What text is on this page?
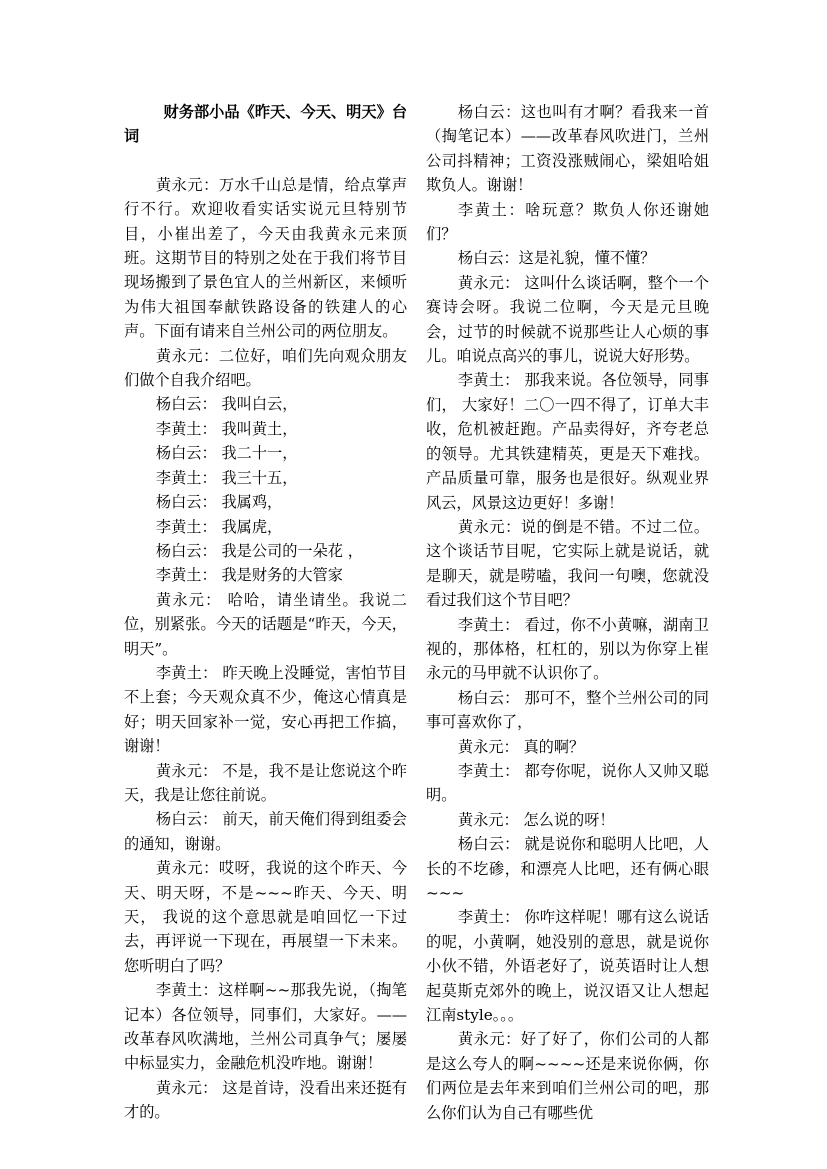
财务部小品《昨天、今天、明天》台词

黄永元：万水千山总是情，给点掌声行不行。欢迎收看实话实说元旦特别节目，小崔出差了，今天由我黄永元来顶班。这期节目的特别之处在于我们将节目现场搬到了景色宜人的兰州新区，来倾听为伟大祖国奉献铁路设备的铁建人的心声。下面有请来自兰州公司的两位朋友。

黄永元：二位好，咱们先向观众朋友们做个自我介绍吧。

杨白云： 我叫白云，

李黄土： 我叫黄土，

杨白云： 我二十一，

李黄土： 我三十五，

杨白云： 我属鸡，

李黄土： 我属虎，

杨白云： 我是公司的一朵花 ，

李黄土： 我是财务的大管家

黄永元： 哈哈，请坐请坐。我说二位，别紧张。今天的话题是“昨天，今天，明天”。

李黄土： 昨天晚上没睡觉，害怕节目不上套；今天观众真不少，俺这心情真是好；明天回家补一觉，安心再把工作搞，谢谢！

黄永元： 不是，我不是让您说这个昨天，我是让您往前说。

杨白云： 前天，前天俺们得到组委会的通知，谢谢。

黄永元：哎呀，我说的这个昨天、今天、明天呀，不是~~~昨天、今天、明天， 我说的这个意思就是咱回忆一下过去，再评说一下现在，再展望一下未来。您听明白了吗？

李黄土：这样啊~~那我先说，（掏笔记本）各位领导，同事们，大家好。——改革春风吹满地，兰州公司真争气；屡屡中标显实力，金融危机没咋地。谢谢！

黄永元： 这是首诗，没看出来还挺有才的。

杨白云：这也叫有才啊？看我来一首（掏笔记本）——改革春风吹进门，兰州公司抖精神；工资没涨贼闹心，梁姐哈姐欺负人。谢谢！

李黄土：啥玩意？欺负人你还谢她们？

杨白云：这是礼貌，懂不懂？

黄永元： 这叫什么谈话啊，整个一个赛诗会呀。我说二位啊，今天是元旦晚会，过节的时候就不说那些让人心烦的事儿。咱说点高兴的事儿，说说大好形势。

李黄土： 那我来说。各位领导，同事们， 大家好！二〇一四不得了，订单大丰收，危机被赶跑。产品卖得好，齐夸老总的领导。尤其铁建精英，更是天下难找。产品质量可靠，服务也是很好。纵观业界风云，风景这边更好！多谢！

黄永元：说的倒是不错。不过二位。这个谈话节目呢，它实际上就是说话，就是聊天，就是唠嗑，我问一句噢，您就没看过我们这个节目吧？

李黄土： 看过，你不小黄嘛，湖南卫视的，那体格，杠杠的，别以为你穿上崔永元的马甲就不认识你了。

杨白云： 那可不，整个兰州公司的同事可喜欢你了，

黄永元： 真的啊？

李黄土： 都夸你呢，说你人又帅又聪明。

黄永元： 怎么说的呀！

杨白云： 就是说你和聪明人比吧，人长的不圪碜，和漂亮人比吧，还有俩心眼~~~

李黄土： 你咋这样呢！哪有这么说话的呢，小黄啊，她没别的意思，就是说你小伙不错，外语老好了，说英语时让人想起莫斯克郊外的晚上，说汉语又让人想起江南style。。。

黄永元：好了好了，你们公司的人都是这么夸人的啊~~~~还是来说你俩，你们两位是去年来到咱们兰州公司的吧，那么你们认为自己有哪些优
